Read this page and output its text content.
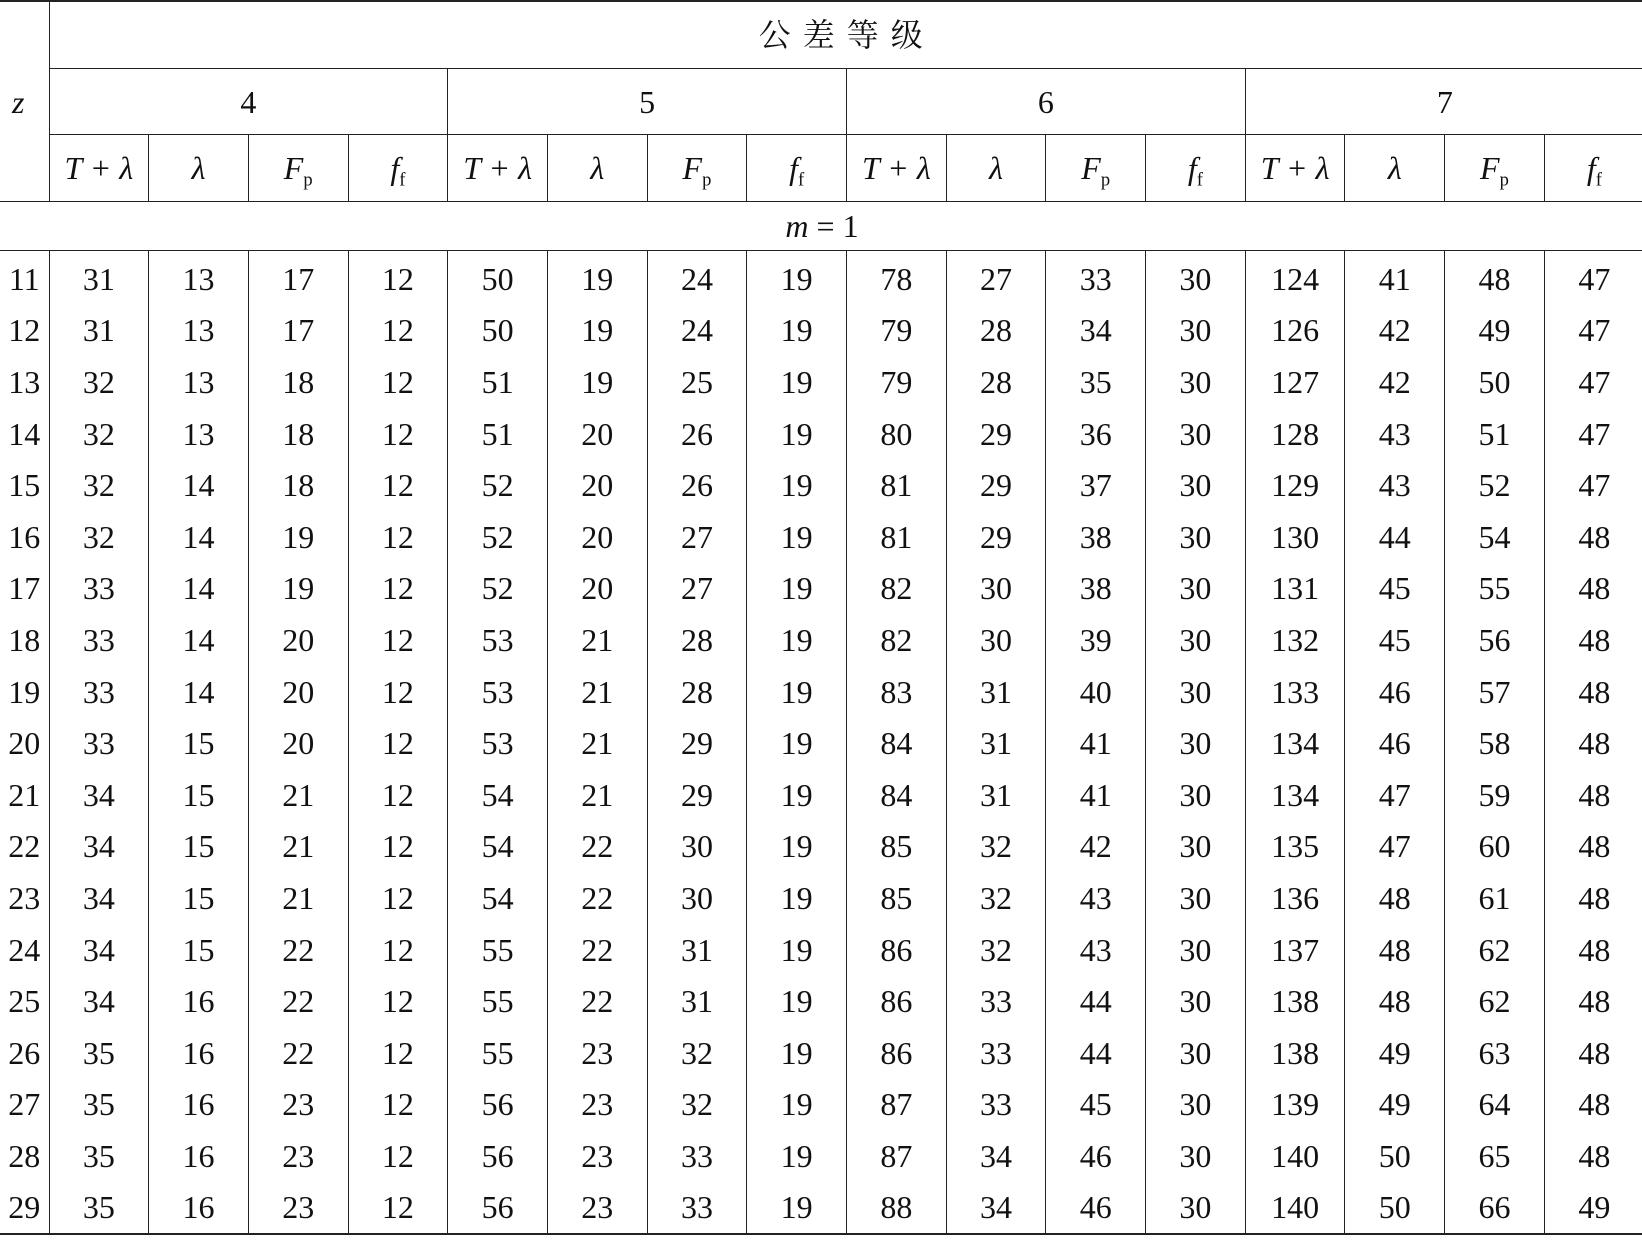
z	公差等级															
	4				5				6				7			
	T + λ	λ	$F_p$	$f_f$	T + λ	λ	$F_p$	$f_f$	T + λ	λ	$F_p$	$f_f$	T + λ	λ	$F_p$	$f_f$
m = 1																
11	31	13	17	12	50	19	24	19	78	27	33	30	124	41	48	47
12	31	13	17	12	50	19	24	19	79	28	34	30	126	42	49	47
13	32	13	18	12	51	19	25	19	79	28	35	30	127	42	50	47
14	32	13	18	12	51	20	26	19	80	29	36	30	128	43	51	47
15	32	14	18	12	52	20	26	19	81	29	37	30	129	43	52	47
16	32	14	19	12	52	20	27	19	81	29	38	30	130	44	54	48
17	33	14	19	12	52	20	27	19	82	30	38	30	131	45	55	48
18	33	14	20	12	53	21	28	19	82	30	39	30	132	45	56	48
19	33	14	20	12	53	21	28	19	83	31	40	30	133	46	57	48
20	33	15	20	12	53	21	29	19	84	31	41	30	134	46	58	48
21	34	15	21	12	54	21	29	19	84	31	41	30	134	47	59	48
22	34	15	21	12	54	22	30	19	85	32	42	30	135	47	60	48
23	34	15	21	12	54	22	30	19	85	32	43	30	136	48	61	48
24	34	15	22	12	55	22	31	19	86	32	43	30	137	48	62	48
25	34	16	22	12	55	22	31	19	86	33	44	30	138	48	62	48
26	35	16	22	12	55	23	32	19	86	33	44	30	138	49	63	48
27	35	16	23	12	56	23	32	19	87	33	45	30	139	49	64	48
28	35	16	23	12	56	23	33	19	87	34	46	30	140	50	65	48
29	35	16	23	12	56	23	33	19	88	34	46	30	140	50	66	49
